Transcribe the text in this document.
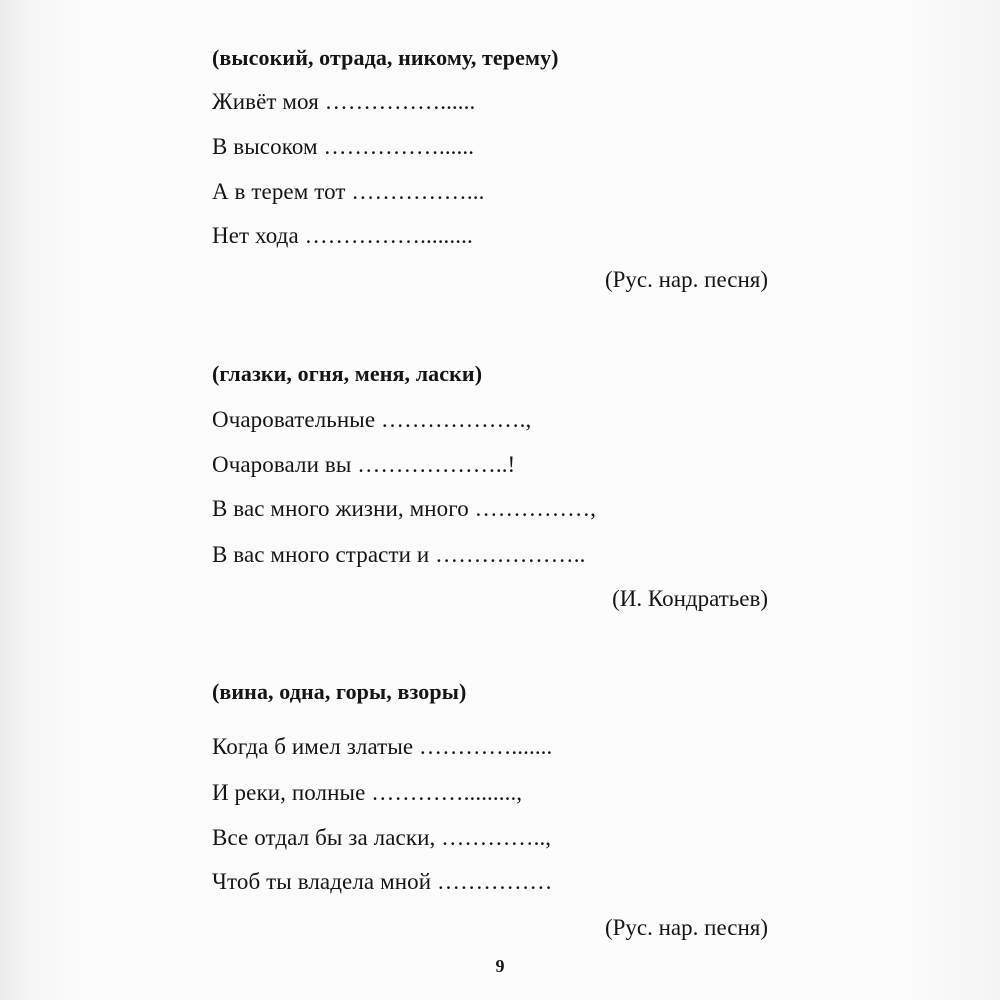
(высокий, отрада, никому, терему)
Живёт моя ……………......
В высоком ……………......
А в терем тот ……………...
Нет хода …………….........
(Рус. нар. песня)
(глазки, огня, меня, ласки)
Очаровательные ……………….,
Очаровали вы ………………..!
В вас много жизни, много ……………,
В вас много страсти и ………………..
(И. Кондратьев)
(вина, одна, горы, взоры)
Когда б имел златые ………….......
И реки, полные ………….........,
Все отдал бы за ласки, …………..,
Чтоб ты владела мной ……………
(Рус. нар. песня)
9
